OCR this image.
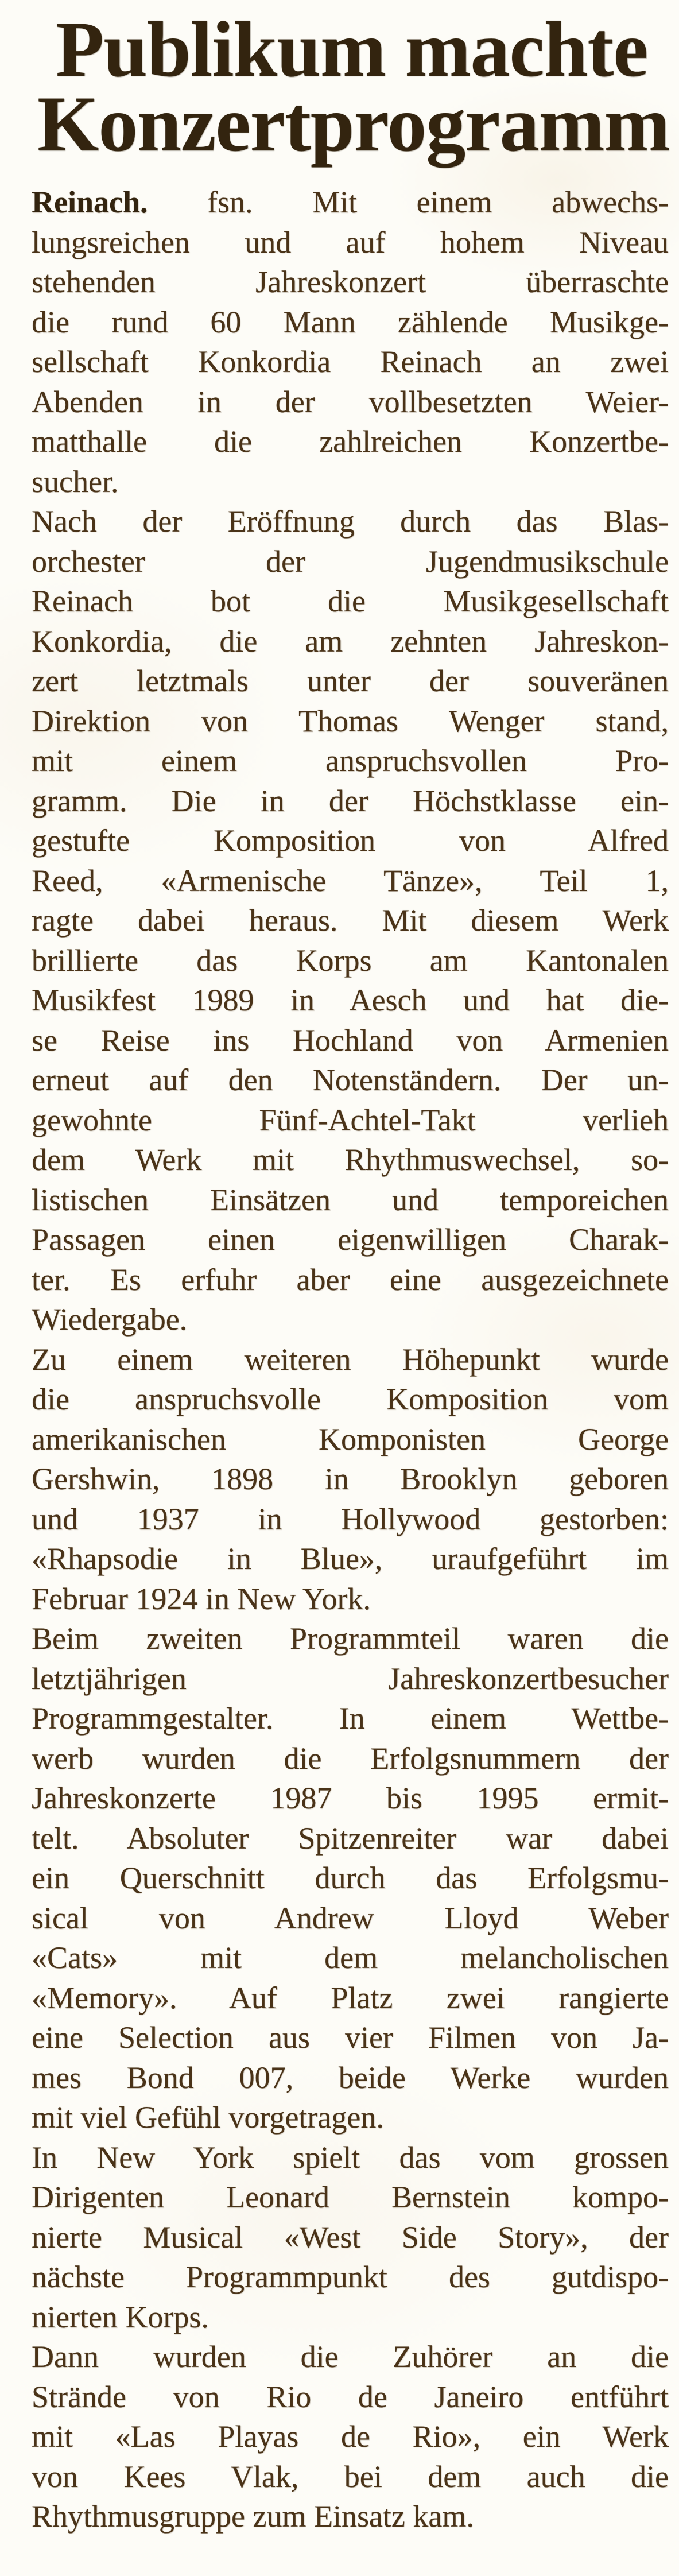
Publikum machte
Konzertprogramm
Reinach. fsn. Mit einem abwechs-
lungsreichen und auf hohem Niveau
stehenden Jahreskonzert überraschte
die rund 60 Mann zählende Musikge-
sellschaft Konkordia Reinach an zwei
Abenden in der vollbesetzten Weier-
matthalle die zahlreichen Konzertbe-
sucher.
Nach der Eröffnung durch das Blas-
orchester der Jugendmusikschule
Reinach bot die Musikgesellschaft
Konkordia, die am zehnten Jahreskon-
zert letztmals unter der souveränen
Direktion von Thomas Wenger stand,
mit einem anspruchsvollen Pro-
gramm. Die in der Höchstklasse ein-
gestufte Komposition von Alfred
Reed, «Armenische Tänze», Teil 1,
ragte dabei heraus. Mit diesem Werk
brillierte das Korps am Kantonalen
Musikfest 1989 in Aesch und hat die-
se Reise ins Hochland von Armenien
erneut auf den Notenständern. Der un-
gewohnte Fünf-Achtel-Takt verlieh
dem Werk mit Rhythmuswechsel, so-
listischen Einsätzen und temporeichen
Passagen einen eigenwilligen Charak-
ter. Es erfuhr aber eine ausgezeichnete
Wiedergabe.
Zu einem weiteren Höhepunkt wurde
die anspruchsvolle Komposition vom
amerikanischen Komponisten George
Gershwin, 1898 in Brooklyn geboren
und 1937 in Hollywood gestorben:
«Rhapsodie in Blue», uraufgeführt im
Februar 1924 in New York.
Beim zweiten Programmteil waren die
letztjährigen Jahreskonzertbesucher
Programmgestalter. In einem Wettbe-
werb wurden die Erfolgsnummern der
Jahreskonzerte 1987 bis 1995 ermit-
telt. Absoluter Spitzenreiter war dabei
ein Querschnitt durch das Erfolgsmu-
sical von Andrew Lloyd Weber
«Cats» mit dem melancholischen
«Memory». Auf Platz zwei rangierte
eine Selection aus vier Filmen von Ja-
mes Bond 007, beide Werke wurden
mit viel Gefühl vorgetragen.
In New York spielt das vom grossen
Dirigenten Leonard Bernstein kompo-
nierte Musical «West Side Story», der
nächste Programmpunkt des gutdispo-
nierten Korps.
Dann wurden die Zuhörer an die
Strände von Rio de Janeiro entführt
mit «Las Playas de Rio», ein Werk
von Kees Vlak, bei dem auch die
Rhythmusgruppe zum Einsatz kam.
